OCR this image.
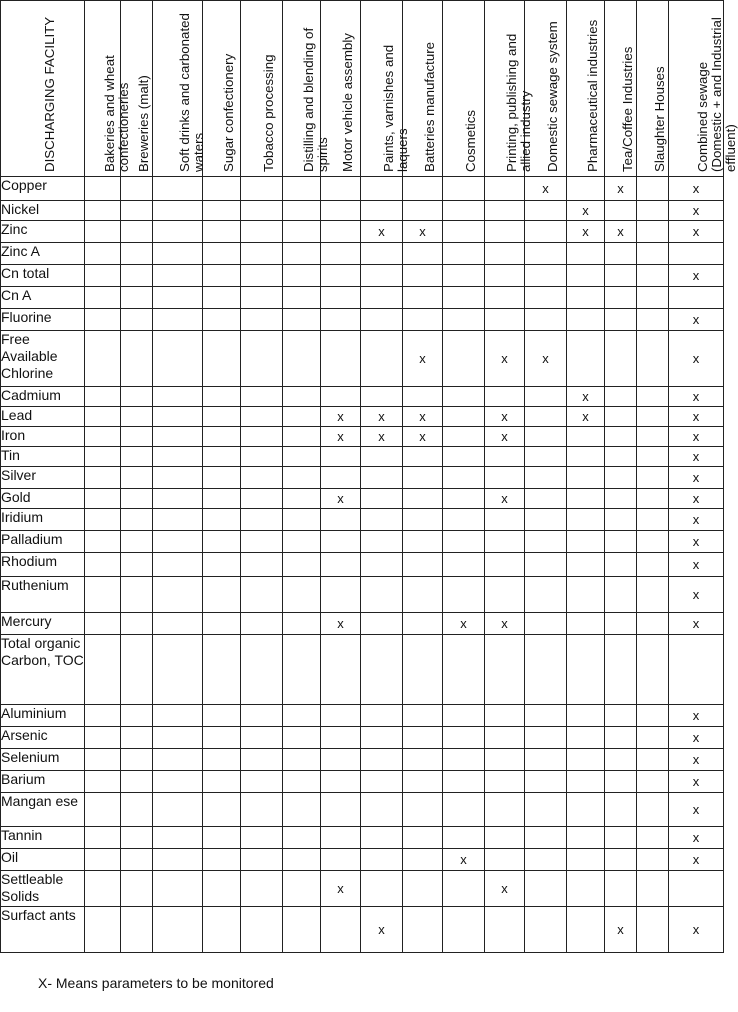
DISCHARGING FACILITY	Bakeries and wheat confectioneries	Breweries (malt)	Soft drinks and carbonated waters	Sugar confectionery	Tobacco processing	Distilling and blending of spirits	Motor vehicle assembly	Paints, varnishes and laquers	Batteries manufacture	Cosmetics	Printing, publishing and allied industry	Domestic sewage system	Pharmaceutical industries	Tea/Coffee Industries	Slaughter Houses	Combined sewage (Domestic + and Industrial effluent)

Copper												x		x		x
Nickel													x			x
Zinc								x	x				x	x		x
Zinc A																
Cn total																x
Cn A																
Fluorine																x
Free Available Chlorine									x		x	x				x
Cadmium													x			x
Lead							x	x	x		x		x			x
Iron							x	x	x		x					x
Tin																x
Silver																x
Gold							x				x					x
Iridium																x
Palladium																x
Rhodium																x
Ruthenium																x
Mercury							x			x	x					x
Total organic Carbon, TOC																
Aluminium																x
Arsenic																x
Selenium																x
Barium																x
Mangan ese																x
Tannin																x
Oil										x						x
Settleable Solids							x				x					
Surfact ants								x						x		x
X- Means parameters to be monitored
